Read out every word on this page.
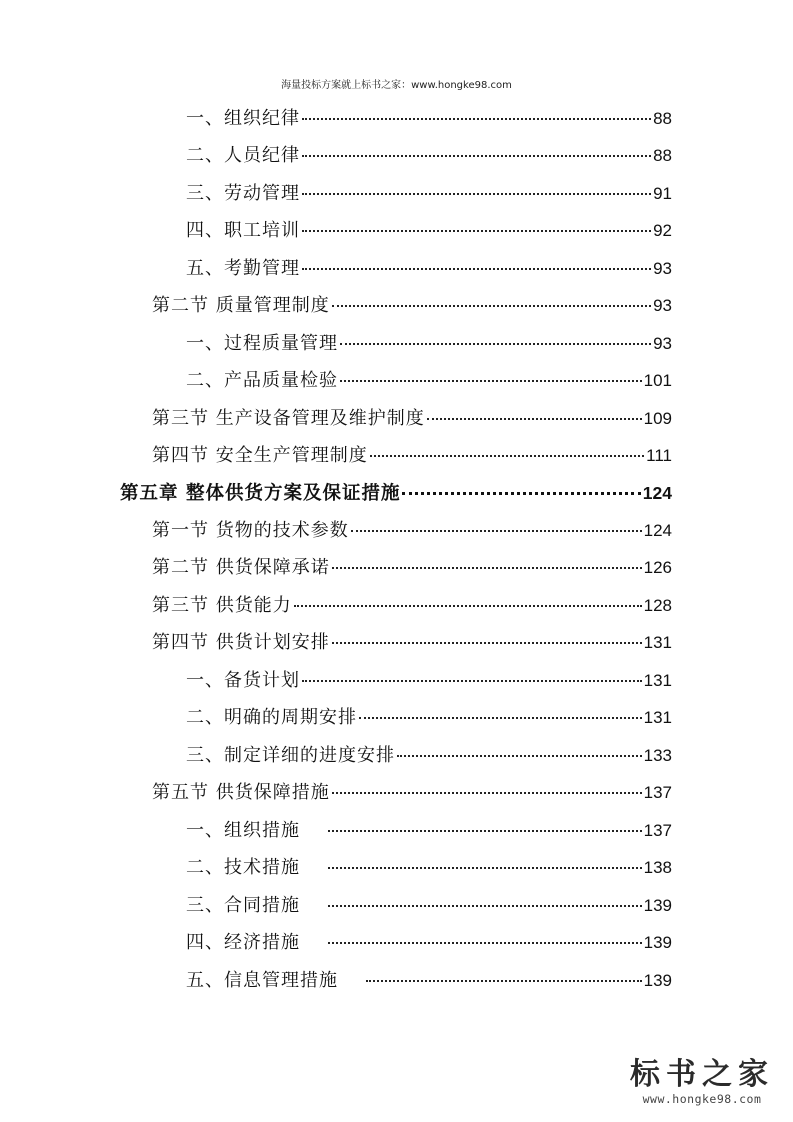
海量投标方案就上标书之家：www.hongke98.com
一、组织纪律	88
二、人员纪律	88
三、劳动管理	91
四、职工培训	92
五、考勤管理	93
第二节 质量管理制度	93
一、过程质量管理	93
二、产品质量检验	101
第三节 生产设备管理及维护制度	109
第四节 安全生产管理制度	111
第五章 整体供货方案及保证措施	124
第一节 货物的技术参数	124
第二节 供货保障承诺	126
第三节 供货能力	128
第四节 供货计划安排	131
一、备货计划	131
二、明确的周期安排	131
三、制定详细的进度安排	133
第五节 供货保障措施	137
一、组织措施	137
二、技术措施	138
三、合同措施	139
四、经济措施	139
五、信息管理措施	139
标书之家
www.hongke98.com
